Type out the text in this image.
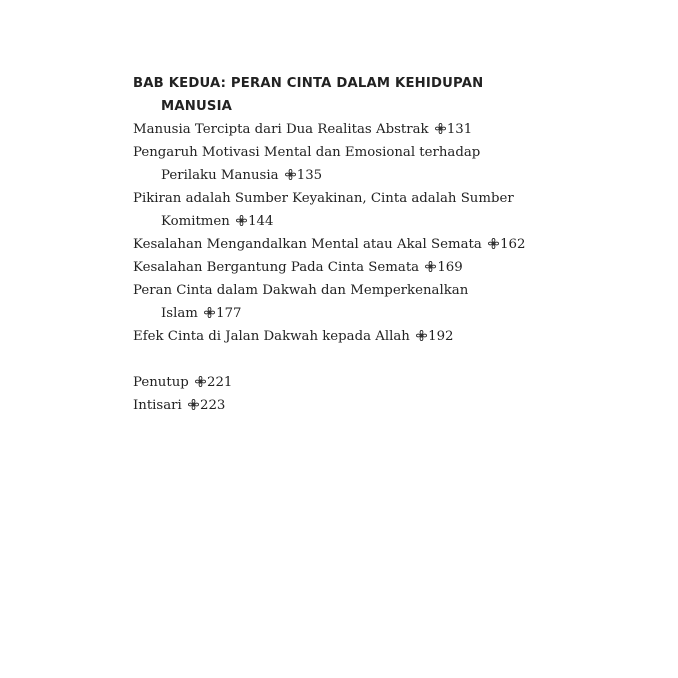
BAB KEDUA: PERAN CINTA DALAM KEHIDUPAN
MANUSIA

Manusia Tercipta dari Dua Realitas Abstrak 131

Pengaruh Motivasi Mental dan Emosional terhadap
Perilaku Manusia 135

Pikiran adalah Sumber Keyakinan, Cinta adalah Sumber
Komitmen 144

Kesalahan Mengandalkan Mental atau Akal Semata 162

Kesalahan Bergantung Pada Cinta Semata 169

Peran Cinta dalam Dakwah dan Memperkenalkan
Islam 177

Efek Cinta di Jalan Dakwah kepada Allah 192

Penutup 221

Intisari 223
